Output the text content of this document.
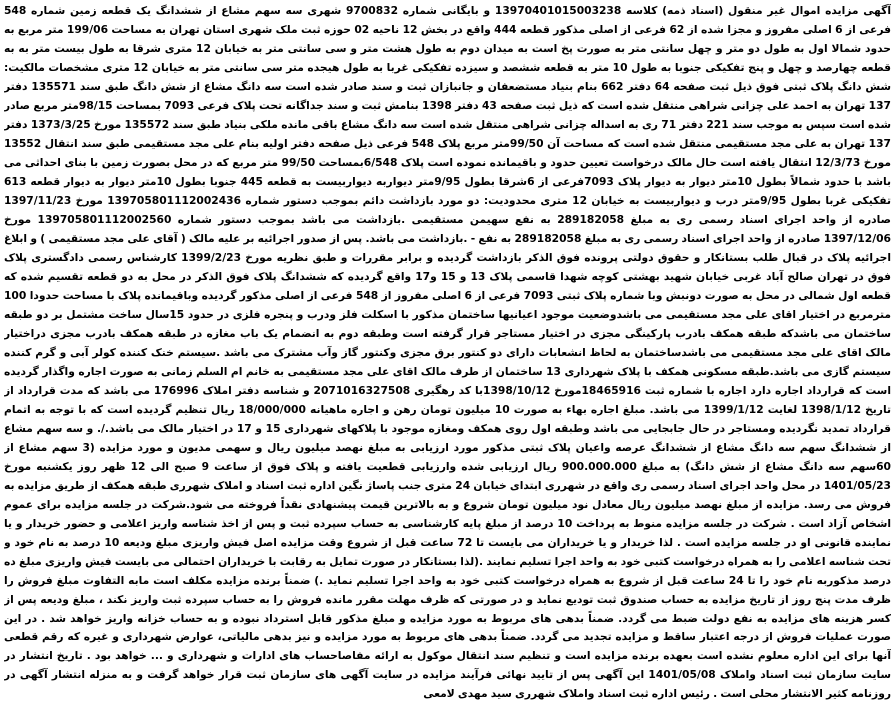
آگهی مزایده اموال غیر منقول (اسناد ذمه) کلاسه 13970401015003238 و بایگانی شماره 9700832 شهری سه سهم مشاع از ششدانگ یک قطعه زمین شماره 548 فرعی از 6 اصلی مفروز و مجزا شده از 62 فرعی از اصلی مذکور قطعه 444 واقع در بخش 12 ناحیه 02 حوزه ثبت ملک شهری استان تهران به مساحت 199/06 متر مربع به حدود شمالا اول به طول دو متر و چهل سانتی متر به صورت پخ است به میدان دوم به طول هشت متر و سی سانتی متر به خیابان 12 متری شرقا به طول بیست متر به به قطعه چهارصد و چهل و پنج تفکیکی جنوبا به طول 10 متر به قطعه ششصد و سیزده تفکیکی غربا به طول هیجده متر سی سانتی متر به خیابان 12 متری مشخصات مالکیت: شش دانگ پلاک ثبتی فوق ذیل ثبت صفحه 64 دفتر 662 بنام بنیاد مستضعفان و جانبازان ثبت و سند صادر شده است سه دانگ مشاع از شش دانگ طبق سند 135571 دفتر 137 تهران به احمد علی چزانی شراهی منتقل شده است که ذیل ثبت صفحه 43 دفتر 1398 بنامش ثبت و سند جداگانه تحت پلاک فرعی 7093 بمساحت 98/15متر مربع صادر شده است سپس به موجب سند 221 دفتر 71 ری به اسداله چزانی شراهی منتقل شده است سه دانگ مشاع باقی مانده ملکی بنیاد طبق سند 135572 مورخ 1373/3/25 دفتر 137 تهران به علی مجد مستقیمی منتقل شده است که مساحت آن 99/50متر مربع پلاک 548 فرعی ذیل صفحه دفتر اولیه بنام علی مجد مستقیمی طبق سند انتقال 13552 مورخ 12/3/73 انتقال یافته است حال مالک درخواست تعیین حدود و باقیمانده نموده است پلاک 6/548بمساحت 99/50 متر مربع که در محل بصورت زمین با بنای احداثی می باشد با حدود شمالاً بطول 10متر دیوار به دیوار پلاک 7093فرعی از 6شرقا بطول 9/95متر دیواربه دیواربیست به قطعه 445 جنوبا بطول 10متر دیوار به دیوار قطعه 613 تفکیکی غربا بطول 9/95متر درب و دیواربیست به خیابان 12 متری محدودیت: دو مورد بازداشت دائم بموجب دستور شماره 13970580111200243‌6 مورخ 1397/11/23 صادره از واحد اجرای اسناد رسمی ری به مبلغ 289182058 به نفع سهیمن مستقیمی .بازداشت می باشد بموجب دستور شماره 13970580111200256‌0 مورخ 1397/12/06 صادره از واحد اجرای اسناد رسمی ری به مبلغ 289182058 به نفع - .بازداشت می باشد. پس از صدور اجرائیه بر علیه مالک ( آقای علی مجد مستقیمی ) و ابلاغ اجرائیه پلاک در قبال طلب بستانکار و حقوق دولتی پرونده فوق الذکر بازداشت گردیده و برابر مقررات و طبق نظریه مورخ 1399/2/23 کارشناس رسمی دادگستری پلاک فوق در تهران صالح آباد غربی خیابان شهید بهشتی کوچه شهدا قاسمی پلاک 13 و 15 و17 واقع گردیده که ششدانگ پلاک فوق الذکر در محل به دو قطعه تقسیم شده که قطعه اول شمالی در محل به صورت دونبش وبا شماره پلاک ثبتی 7093 فرعی از 6 اصلی مفروز از 548 فرعی از اصلی مذکور گردیده وباقیمانده پلاک با مساحت حدودا 100 مترمربع در اختیار اقای علی مجد مستقیمی می باشدوضعیت موجود اعیانیها ساختمان مذکور با اسکلت فلز ودرب و پنجره فلزی در حدود 15سال ساخت مشتمل بر دو طبقه ساختمان می باشدکه طبقه همکف بادرب پارکینگی مجزی در اختیار مستاجر قرار گرفته است وطبقه دوم به انضمام یک باب مغازه در طبقه همکف بادرب مجزی دراختیار مالک اقای علی مجد مستقیمی می باشدساختمان به لحاظ انشعابات دارای دو کنتور برق مجزی وکنتور گاز وآب مشترک می باشد .سیستم خنک کننده کولر آبی و گرم کننده سیستم گازی می باشد.طبقه مسکونی همکف با پلاک شهرداری 13 ساختمان از طرف مالک اقای علی مجد مستقیمی به خانم ام السلم زمانی به صورت اجاره واگذار گردیده است که قرارداد اجاره دارد اجاره با شماره ثبت 18465916مورخ 1398/10/12با کد رهگیری 207101632750‌8 و شناسه دفتر املاک 176996 می باشد که مدت قرارداد از تاریخ 1398/1/12 لغایت 1399/1/12 می باشد. مبلغ اجاره بهاء به صورت 10 میلیون تومان رهن و اجاره ماهیانه 18/000/000 ریال تنظیم گردیده است که با توجه به اتمام قرارداد تمدید نگردیده ومستاجر در حال جابجایی می باشد وطبقه اول روی همکف ومغازه موجود با پلاکهای شهرداری 15 و 17 در اختیار مالک می باشد./. و سه سهم مشاع از ششدانگ سهم سه دانگ مشاع از ششدانگ عرصه واعیان پلاک ثبتی مذکور مورد ارزیابی به مبلغ نهصد میلیون ریال و سهمی مدیون و مورد مزایده (3 سهم مشاع از 60سهم سه دانگ مشاع از شش دانگ) به مبلغ 900.000.000 ریال ارزیابی شده وارزیابی قطعیت یافته و پلاک فوق از ساعت 9 صبح الی 12 ظهر روز یکشنبه مورخ 1401/05/23 در محل واحد اجرای اسناد رسمی ری واقع در شهرری ابتدای خیابان 24 متری جنب پاساژ نگین اداره ثبت اسناد و املاک شهرری طبقه همکف از طریق مزایده به فروش می رسد. مزایده از مبلغ نهصد میلیون ریال معادل نود میلیون تومان شروع و به بالاترین قیمت پیشنهادی نقداً فروخته می شود.شرکت در جلسه مزایده برای عموم اشخاص آزاد است . شرکت در جلسه مزایده منوط به پرداخت 10 درصد از مبلغ پایه کارشناسی به حساب سپرده ثبت و پس از اخذ شناسه واریز اعلامی و حضور خریدار و یا نماینده قانونی او در جلسه مزایده است . لذا خریدار و یا خریداران می بایست تا 72 ساعت قبل از شروع وقت مزایده اصل فیش واریزی مبلغ ودیعه 10 درصد به نام خود و تحت شناسه اعلامی را به همراه درخواست کتبی خود به واحد اجرا تسلیم نمایند .(لذا بستانکار در صورت تمایل به رقابت با خریداران احتمالی می بایست فیش واریزی مبلغ ده درصد مذکوربه نام خود را تا 24 ساعت قبل از شروع به همراه درخواست کتبی خود به واحد اجرا تسلیم نماید .) ضمناً برنده مزایده مکلف است مابه التفاوت مبلغ فروش را ظرف مدت پنج روز از تاریخ مزایده به حساب صندوق ثبت تودیع نماید و در صورتی که ظرف مهلت مقرر مانده فروش را به حساب سپرده ثبت واریز نکند ، مبلغ ودیعه پس از کسر هزینه های مزایده به نفع دولت ضبط می گردد. ضمناً بدهی های مربوط به مورد مزایده و مبلغ مذکور قابل استرداد نبوده و به حساب خزانه واریز خواهد شد . در این صورت عملیات فروش از درجه اعتبار ساقط و مزایده تجدید می گردد. ضمناً بدهی های مربوط به مورد مزایده و نیز بدهی مالیاتی، عوارض شهرداری و غیره که رقم قطعی آنها برای این اداره معلوم نشده است بعهده برنده مزایده است و تنظیم سند انتقال موکول به ارائه مفاصاحساب های ادارات و شهرداری و ... خواهد بود . تاریخ انتشار در سایت سازمان ثبت اسناد واملاک 1401/05/08 این آگهی پس از تایید نهائی فرآیند مزایده در سایت آگهی های سازمان ثبت قرار خواهد گرفت و به منزله انتشار آگهی در روزنامه کثیر الانتشار محلی است . رئیس اداره ثبت اسناد واملاک شهرری سید مهدی لامعی
